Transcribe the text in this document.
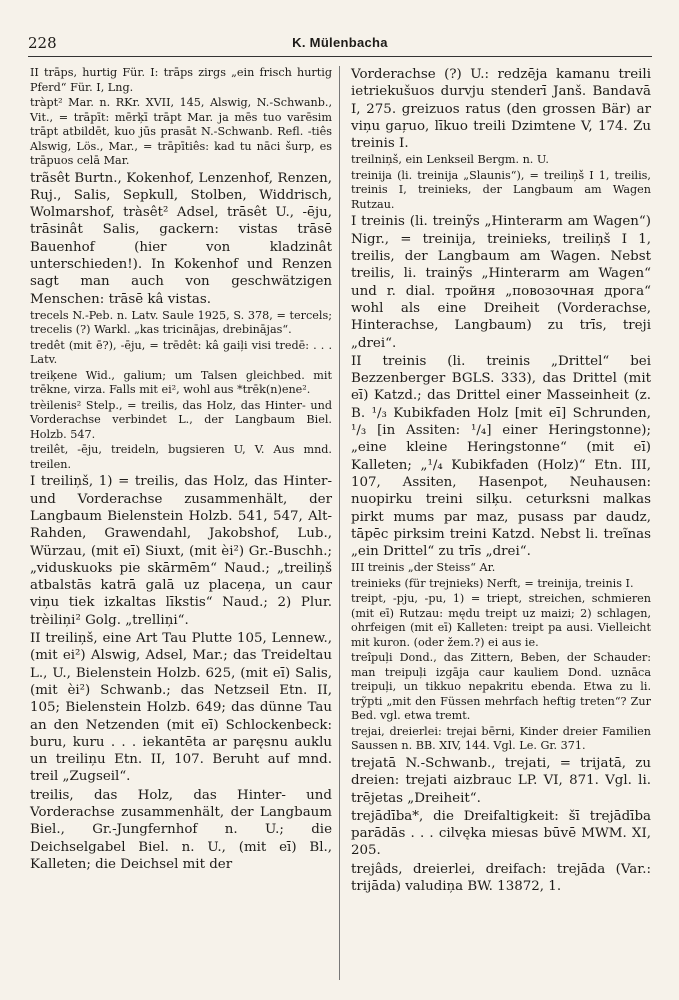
228	K. Mülenbacha
II trāps, hurtig Für. I: trāps zirgs „ein frisch hurtig Pferd“ Für. I, Lng.
tràpt² Mar. n. RKr. XVII, 145, Alswig, N.-Schwanb., Vit., = trāpīt: mērķī trāpt Mar. ja mēs tuo varēsim trāpt atbildēt, kuo jūs prasāt N.-Schwanb. Refl. -tiês Alswig, Lös., Mar., = trāpītiês: kad tu nāci šurp, es trāpuos celā Mar.
trãsêt Burtn., Kokenhof, Lenzenhof, Renzen, Ruj., Salis, Sepkull, Stolben, Widdrisch, Wolmarshof, tràsêt² Adsel, trāsêt U., -ēju, trāsinât Salis, gackern: vistas trāsē Bauenhof (hier von kladzinât unterschieden!). In Kokenhof und Renzen sagt man auch von geschwätzigen Menschen: trāsē kâ vistas.
trecels N.-Peb. n. Latv. Saule 1925, S. 378, = tercels; trecelis (?) Warkl. „kas tricinājas, drebinājas“.
tredêt (mit ē?), -ēju, = trēdêt: kâ gaiļi visi tredē: . . . Latv.
treiķene Wid., galium; um Talsen gleichbed. mit trēkne, virza. Falls mit ei², wohl aus *trēk(n)ene².
trèilenis² Stelp., = treilis, das Holz, das Hinter- und Vorderachse verbindet L., der Langbaum Biel. Holzb. 547.
treilêt, -ēju, treideln, bugsieren U, V. Aus mnd. treilen.
I treiliņš, 1) = treilis, das Holz, das Hinter- und Vorderachse zusammenhält, der Langbaum Bielenstein Holzb. 541, 547, Alt-Rahden, Grawendahl, Jakobshof, Lub., Würzau, (mit eī) Siuxt, (mit èi²) Gr.-Buschh.; „viduskuoks pie skārmēm“ Naud.; „treiliņš atbalstās katrā galā uz placeņa, un caur viņu tiek izkaltas līkstis“ Naud.; 2) Plur. trèiliņi² Golg. „trelliņi“.
II treiliņš, eine Art Tau Plutte 105, Lennew., (mit ei²) Alswig, Adsel, Mar.; das Treideltau L., U., Bielenstein Holzb. 625, (mit eī) Salis, (mit èi²) Schwanb.; das Netzseil Etn. II, 105; Bielenstein Holzb. 649; das dünne Tau an den Netzenden (mit eī) Schlockenbeck: buru, kuru . . . iekantēta ar paręsnu auklu un treiliņu Etn. II, 107. Beruht auf mnd. treil „Zugseil“.
treilis, das Holz, das Hinter- und Vorderachse zusammenhält, der Langbaum Biel., Gr.-Jungfernhof n. U.; die Deichselgabel Biel. n. U., (mit eī) Bl., Kalleten; die Deichsel mit der
Vorderachse (?) U.: redzēja kamanu treili ietriekušuos durvju stenderī Janš. Bandavā I, 275. greizuos ratus (den grossen Bär) ar viņu gaŗuo, līkuo treili Dzimtene V, 174. Zu treinis I.
treilniņš, ein Lenkseil Bergm. n. U.
treinija (li. treinija „Slaunis“), = treiliņš I 1, treilis, treinis I, treinieks, der Langbaum am Wagen Rutzau.
I treinis (li. treinỹs „Hinterarm am Wagen“) Nigr., = treinija, treinieks, treiliņš I 1, treilis, der Langbaum am Wagen. Nebst treilis, li. trainỹs „Hinterarm am Wagen“ und r. dial. тройня „повозочная дрога“ wohl als eine Dreiheit (Vorderachse, Hinterachse, Langbaum) zu trīs, treji „drei“.
II treinis (li. treinis „Drittel“ bei Bezzenberger BGLS. 333), das Drittel (mit eī) Katzd.; das Drittel einer Masseinheit (z. B. ¹/₃ Kubikfaden Holz [mit eī] Schrunden, ¹/₃ [in Assiten: ¹/₄] einer Heringstonne); „eine kleine Heringstonne“ (mit eī) Kalleten; „¹/₄ Kubikfaden (Holz)“ Etn. III, 107, Assiten, Hasenpot, Neuhausen: nuopirku treini silķu. ceturksni malkas pirkt mums par maz, pusass par daudz, tāpēc pirksim treini Katzd. Nebst li. treĩnas „ein Drittel“ zu trīs „drei“.
III treinis „der Steiss“ Ar.
treinieks (für trejnieks) Nerft, = treinija, treinis I.
treipt, -pju, -pu, 1) = triept, streichen, schmieren (mit eī) Rutzau: mędu treipt uz maizi; 2) schlagen, ohrfeigen (mit eī) Kalleten: treipt pa ausi. Vielleicht mit kuron. (oder žem.?) ei aus ie.
treîpuļi Dond., das Zittern, Beben, der Schauder: man treipuļi izgāja caur kauliem Dond. uznāca treipuļi, un tikkuo nepakritu ebenda. Etwa zu li. trỹpti „mit den Füssen mehrfach heftig treten“? Zur Bed. vgl. etwa tremt.
trejai, dreierlei: trejai bērni, Kinder dreier Familien Saussen n. BB. XIV, 144. Vgl. Le. Gr. 371.
trejatā N.-Schwanb., trejati, = trijatā, zu dreien: trejati aizbrauc LP. VI, 871. Vgl. li. trējetas „Dreiheit“.
trejādība*, die Dreifaltigkeit: šī trejādība parādās . . . cilvęka miesas būvē MWM. XI, 205.
trejâds, dreierlei, dreifach: trejāda (Var.: trijāda) valudiņa BW. 13872, 1.
